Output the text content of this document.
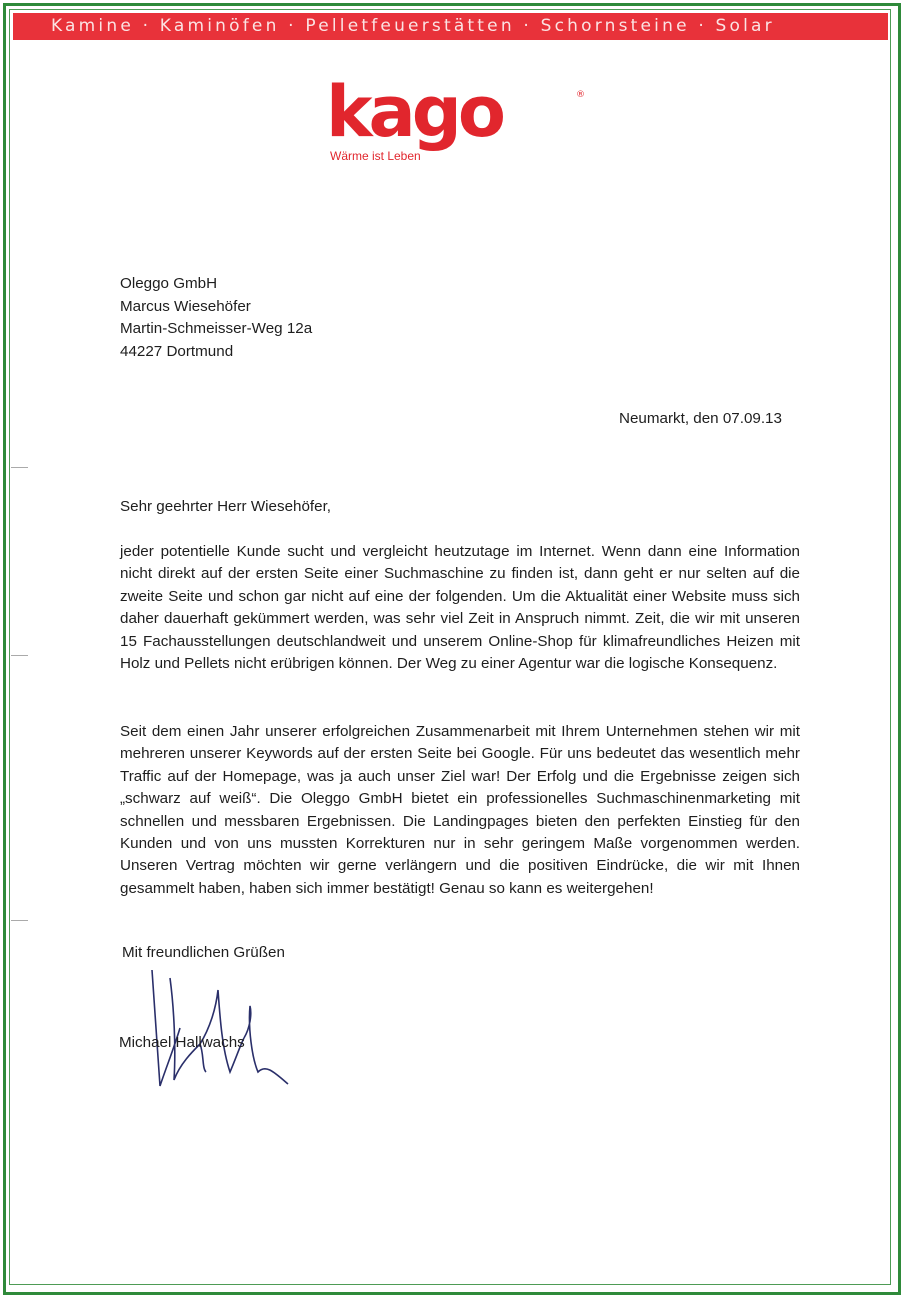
Kamine · Kaminöfen · Pelletfeuerstätten · Schornsteine · Solar
kago	®
Wärme ist Leben
Oleggo GmbH
Marcus Wiesehöfer
Martin-Schmeisser-Weg 12a
44227 Dortmund
Neumarkt, den 07.09.13
Sehr geehrter Herr Wiesehöfer,
jeder potentielle Kunde sucht und vergleicht heutzutage im Internet. Wenn dann eine Information nicht direkt auf der ersten Seite einer Suchmaschine zu finden ist, dann geht er nur selten auf die zweite Seite und schon gar nicht auf eine der folgenden. Um die Aktualität einer Website muss sich daher dauerhaft gekümmert werden, was sehr viel Zeit in Anspruch nimmt. Zeit, die wir mit unseren 15 Fachausstellungen deutschlandweit und unserem Online-Shop für klimafreundliches Heizen mit Holz und Pellets nicht erübrigen können. Der Weg zu einer Agentur war die logische Konsequenz.
Seit dem einen Jahr unserer erfolgreichen Zusammenarbeit mit Ihrem Unternehmen stehen wir mit mehreren unserer Keywords auf der ersten Seite bei Google. Für uns bedeutet das wesentlich mehr Traffic auf der Homepage, was ja auch unser Ziel war! Der Erfolg und die Ergebnisse zeigen sich „schwarz auf weiß“. Die Oleggo GmbH bietet ein professionelles Suchmaschinenmarketing mit schnellen und messbaren Ergebnissen. Die Landingpages bieten den perfekten Einstieg für den Kunden und von uns mussten Korrekturen nur in sehr geringem Maße vorgenommen werden. Unseren Vertrag möchten wir gerne verlängern und die positiven Eindrücke, die wir mit Ihnen gesammelt haben, haben sich immer bestätigt! Genau so kann es weitergehen!
Mit freundlichen Grüßen
Michael Hallwachs
